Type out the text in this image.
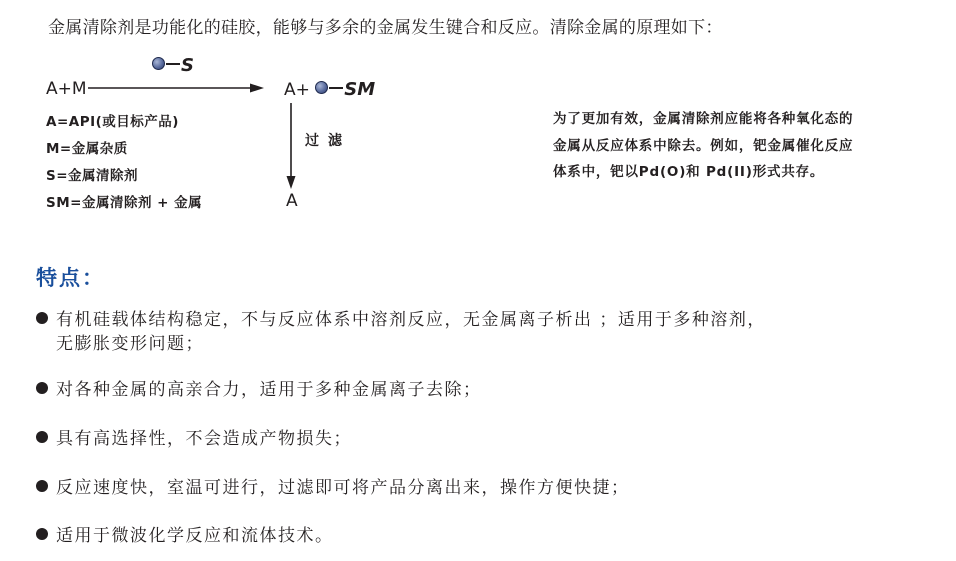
金属清除剂是功能化的硅胶，能够与多余的金属发生键合和反应。清除金属的原理如下：
S
A+M	A+ SM
过滤
A
A=API(或目标产品)
M=金属杂质
S=金属清除剂
SM=金属清除剂 + 金属
为了更加有效，金属清除剂应能将各种氧化态的
金属从反应体系中除去。例如，钯金属催化反应
体系中，钯以Pd(O)和 Pd(II)形式共存。
特点：
有机硅载体结构稳定，不与反应体系中溶剂反应，无金属离子析出 ；适用于多种溶剂，
无膨胀变形问题；
对各种金属的高亲合力，适用于多种金属离子去除；
具有高选择性，不会造成产物损失；
反应速度快，室温可进行，过滤即可将产品分离出来，操作方便快捷；
适用于微波化学反应和流体技术。
